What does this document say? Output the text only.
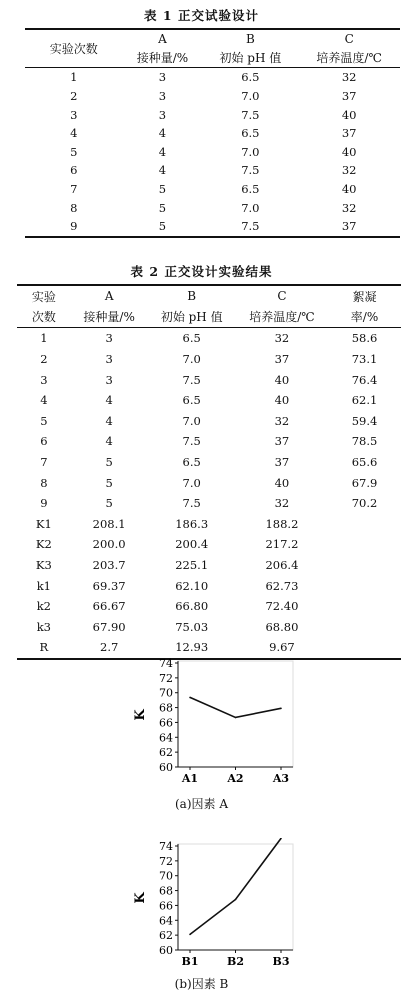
表 1 正交试验设计
实验次数	A	B	C
	接种量/%	初始 pH 值	培养温度/℃
1	3	6.5	32
2	3	7.0	37
3	3	7.5	40
4	4	6.5	37
5	4	7.0	40
6	4	7.5	32
7	5	6.5	40
8	5	7.0	32
9	5	7.5	37
表 2 正交设计实验结果
实验	A	B	C	絮凝
次数	接种量/%	初始 pH 值	培养温度/℃	率/%
1	3	6.5	32	58.6
2	3	7.0	37	73.1
3	3	7.5	40	76.4
4	4	6.5	40	62.1
5	4	7.0	32	59.4
6	4	7.5	37	78.5
7	5	6.5	37	65.6
8	5	7.0	40	67.9
9	5	7.5	32	70.2
K1	208.1	186.3	188.2	
K2	200.0	200.4	217.2	
K3	203.7	225.1	206.4	
k1	69.37	62.10	62.73	
k2	66.67	66.80	72.40	
k3	67.90	75.03	68.80	
R	2.7	12.93	9.67	
60
62
64
66
68
70
72
74
K
A1	A2	A3
(a)因素 A
60
62
64
66
68
70
72
74
K
B1	B2	B3
(b)因素 B
